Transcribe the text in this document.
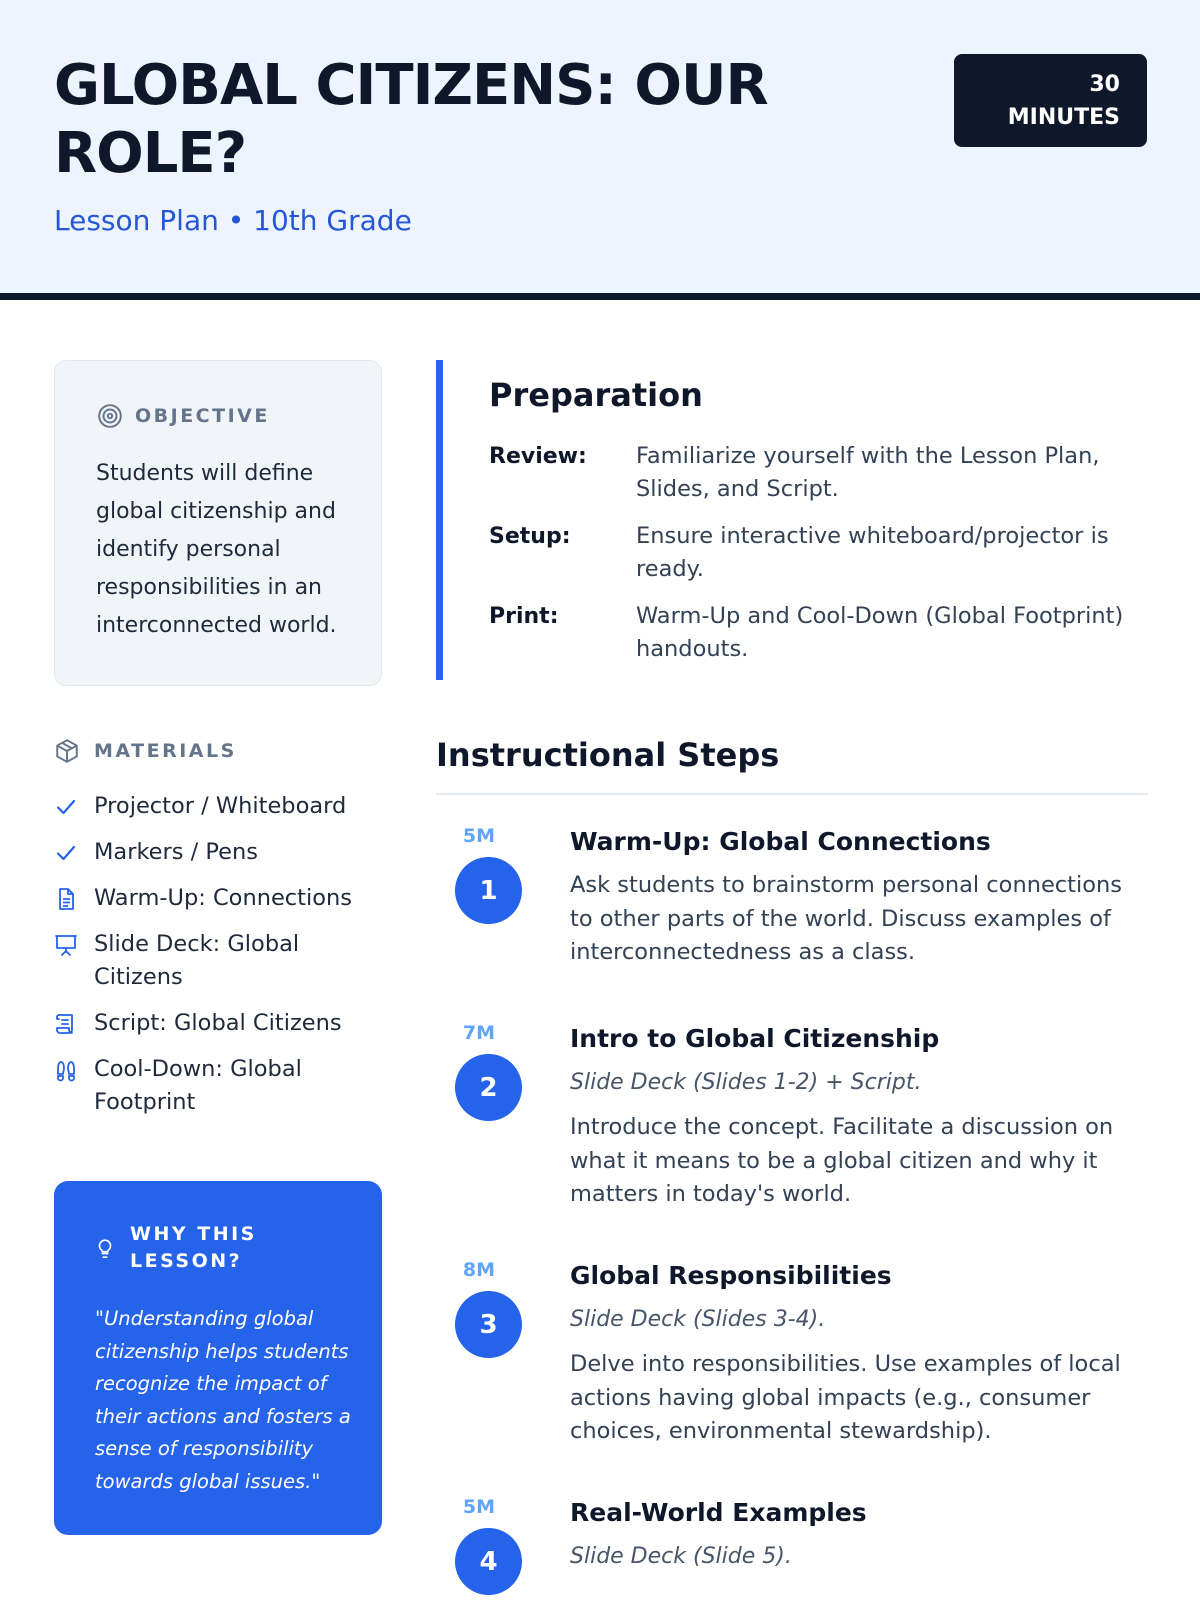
GLOBAL CITIZENS: OUR ROLE?
Lesson Plan • 10th Grade
30
MINUTES
OBJECTIVE

Students will define global citizenship and identify personal responsibilities in an interconnected world.

MATERIALS
Projector / Whiteboard
Markers / Pens
Warm-Up: Connections
Slide Deck: Global Citizens
Script: Global Citizens
Cool-Down: Global Footprint
WHY THIS LESSON?

"Understanding global citizenship helps students recognize the impact of their actions and fosters a sense of responsibility towards global issues."

Preparation
Review:	Familiarize yourself with the Lesson Plan, Slides, and Script.
Setup:	Ensure interactive whiteboard/projector is ready.
Print:	Warm-Up and Cool-Down (Global Footprint) handouts.
Instructional Steps
5M
1
Warm-Up: Global Connections
Ask students to brainstorm personal connections to other parts of the world. Discuss examples of interconnectedness as a class.
7M
2
Intro to Global Citizenship
Slide Deck (Slides 1-2) + Script.
Introduce the concept. Facilitate a discussion on what it means to be a global citizen and why it matters in today's world.
8M
3
Global Responsibilities
Slide Deck (Slides 3-4).
Delve into responsibilities. Use examples of local actions having global impacts (e.g., consumer choices, environmental stewardship).
5M
4
Real-World Examples
Slide Deck (Slide 5).
